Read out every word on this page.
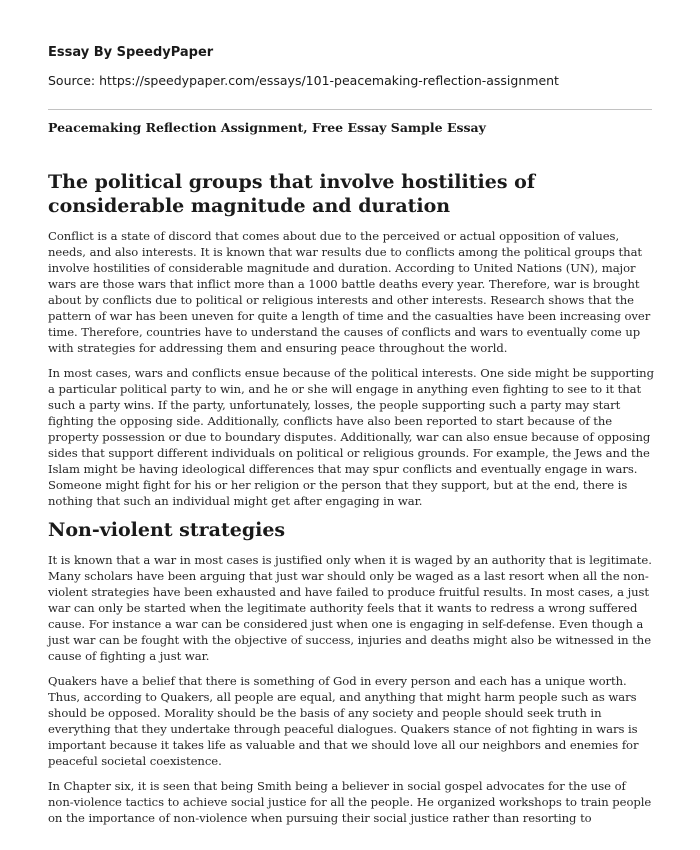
Essay By SpeedyPaper
Source: https://speedypaper.com/essays/101-peacemaking-reflection-assignment
Peacemaking Reflection Assignment, Free Essay Sample Essay
The political groups that involve hostilities of considerable magnitude and duration

Conflict is a state of discord that comes about due to the perceived or actual opposition of values, needs, and also interests. It is known that war results due to conflicts among the political groups that involve hostilities of considerable magnitude and duration. According to United Nations (UN), major wars are those wars that inflict more than a 1000 battle deaths every year. Therefore, war is brought about by conflicts due to political or religious interests and other interests. Research shows that the pattern of war has been uneven for quite a length of time and the casualties have been increasing over time. Therefore, countries have to understand the causes of conflicts and wars to eventually come up with strategies for addressing them and ensuring peace throughout the world.

In most cases, wars and conflicts ensue because of the political interests. One side might be supporting a particular political party to win, and he or she will engage in anything even fighting to see to it that such a party wins. If the party, unfortunately, losses, the people supporting such a party may start fighting the opposing side. Additionally, conflicts have also been reported to start because of the property possession or due to boundary disputes. Additionally, war can also ensue because of opposing sides that support different individuals on political or religious grounds. For example, the Jews and the Islam might be having ideological differences that may spur conflicts and eventually engage in wars. Someone might fight for his or her religion or the person that they support, but at the end, there is nothing that such an individual might get after engaging in war.

Non-violent strategies

It is known that a war in most cases is justified only when it is waged by an authority that is legitimate. Many scholars have been arguing that just war should only be waged as a last resort when all the non-violent strategies have been exhausted and have failed to produce fruitful results. In most cases, a just war can only be started when the legitimate authority feels that it wants to redress a wrong suffered cause. For instance a war can be considered just when one is engaging in self-defense. Even though a just war can be fought with the objective of success, injuries and deaths might also be witnessed in the cause of fighting a just war.

Quakers have a belief that there is something of God in every person and each has a unique worth. Thus, according to Quakers, all people are equal, and anything that might harm people such as wars should be opposed. Morality should be the basis of any society and people should seek truth in everything that they undertake through peaceful dialogues. Quakers stance of not fighting in wars is important because it takes life as valuable and that we should love all our neighbors and enemies for peaceful societal coexistence.

In Chapter six, it is seen that being Smith being a believer in social gospel advocates for the use of non-violence tactics to achieve social justice for all the people. He organized workshops to train people on the importance of non-violence when pursuing their social justice rather than resorting to
